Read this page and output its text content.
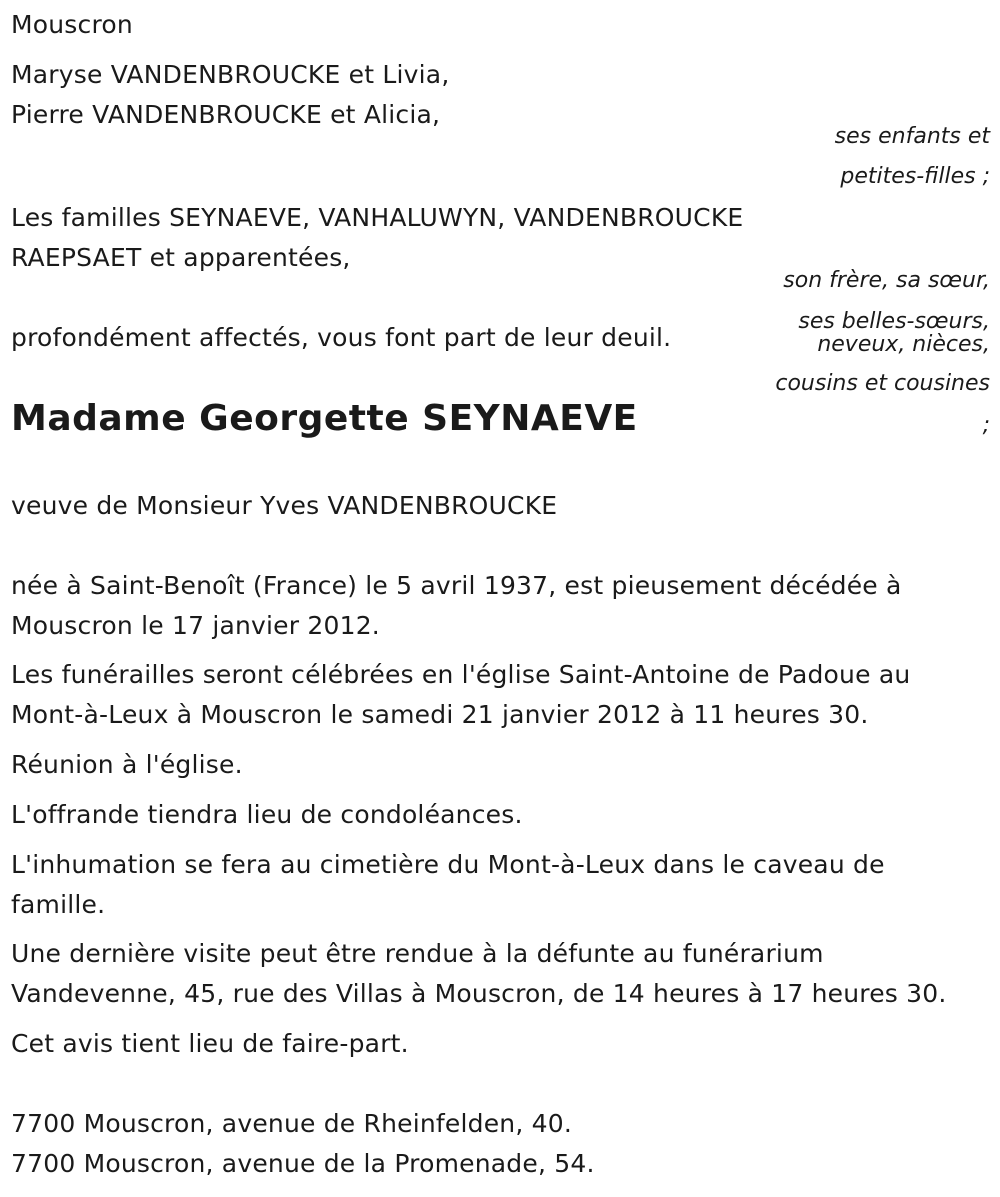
Mouscron
Maryse VANDENBROUCKE et Livia,
Pierre VANDENBROUCKE et Alicia,
ses enfants et
petites-filles ;
Les familles SEYNAEVE, VANHALUWYN, VANDENBROUCKE
RAEPSAET et apparentées,
son frère, sa sœur,
ses belles-sœurs,
neveux, nièces,
cousins et cousines
;
profondément affectés, vous font part de leur deuil.
Madame Georgette SEYNAEVE
veuve de Monsieur Yves VANDENBROUCKE
née à Saint-Benoît (France) le 5 avril 1937, est pieusement décédée à
Mouscron le 17 janvier 2012.
Les funérailles seront célébrées en l'église Saint-Antoine de Padoue au
Mont-à-Leux à Mouscron le samedi 21 janvier 2012 à 11 heures 30.
Réunion à l'église.
L'offrande tiendra lieu de condoléances.
L'inhumation se fera au cimetière du Mont-à-Leux dans le caveau de
famille.
Une dernière visite peut être rendue à la défunte au funérarium
Vandevenne, 45, rue des Villas à Mouscron, de 14 heures à 17 heures 30.
Cet avis tient lieu de faire-part.
7700 Mouscron, avenue de Rheinfelden, 40.
7700 Mouscron, avenue de la Promenade, 54.
